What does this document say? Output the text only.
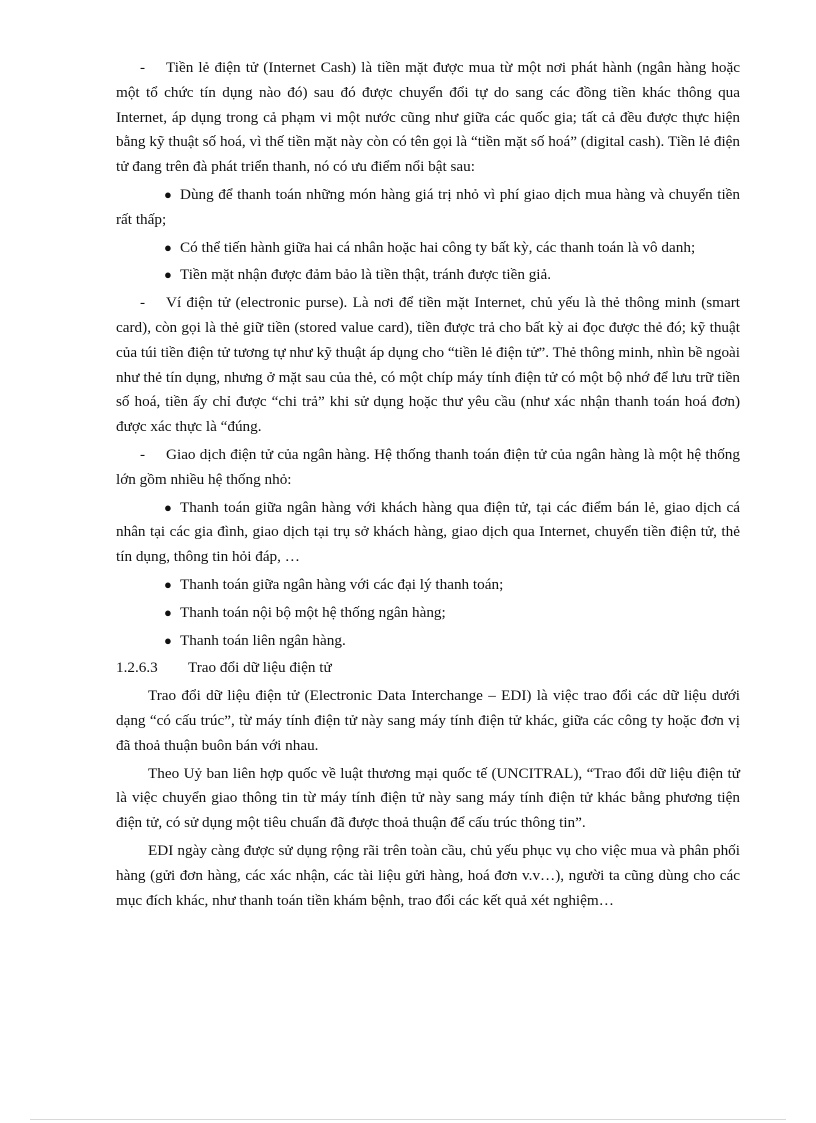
- Tiền lẻ điện tử (Internet Cash) là tiền mặt được mua từ một nơi phát hành (ngân hàng hoặc một tổ chức tín dụng nào đó) sau đó được chuyển đổi tự do sang các đồng tiền khác thông qua Internet, áp dụng trong cả phạm vi một nước cũng như giữa các quốc gia; tất cả đều được thực hiện bằng kỹ thuật số hoá, vì thế tiền mặt này còn có tên gọi là “tiền mặt số hoá” (digital cash). Tiền lẻ điện tử đang trên đà phát triển thanh, nó có ưu điểm nổi bật sau:

● Dùng để thanh toán những món hàng giá trị nhỏ vì phí giao dịch mua hàng và chuyển tiền rất thấp;

● Có thể tiến hành giữa hai cá nhân hoặc hai công ty bất kỳ, các thanh toán là vô danh;

● Tiền mặt nhận được đảm bảo là tiền thật, tránh được tiền giả.

- Ví điện tử (electronic purse). Là nơi để tiền mặt Internet, chủ yếu là thẻ thông minh (smart card), còn gọi là thẻ giữ tiền (stored value card), tiền được trả cho bất kỳ ai đọc được thẻ đó; kỹ thuật của túi tiền điện tử tương tự như kỹ thuật áp dụng cho “tiền lẻ điện tử”. Thẻ thông minh, nhìn bề ngoài như thẻ tín dụng, nhưng ở mặt sau của thẻ, có một chíp máy tính điện tử có một bộ nhớ để lưu trữ tiền số hoá, tiền ấy chỉ được “chi trả” khi sử dụng hoặc thư yêu cầu (như xác nhận thanh toán hoá đơn) được xác thực là “đúng.

- Giao dịch điện tử của ngân hàng. Hệ thống thanh toán điện tử của ngân hàng là một hệ thống lớn gồm nhiều hệ thống nhỏ:

● Thanh toán giữa ngân hàng với khách hàng qua điện tử, tại các điểm bán lẻ, giao dịch cá nhân tại các gia đình, giao dịch tại trụ sở khách hàng, giao dịch qua Internet, chuyển tiền điện tử, thẻ tín dụng, thông tin hỏi đáp, …

● Thanh toán giữa ngân hàng với các đại lý thanh toán;

● Thanh toán nội bộ một hệ thống ngân hàng;

● Thanh toán liên ngân hàng.

1.2.6.3 Trao đổi dữ liệu điện tử

Trao đổi dữ liệu điện tử (Electronic Data Interchange – EDI) là việc trao đổi các dữ liệu dưới dạng “có cấu trúc”, từ máy tính điện tử này sang máy tính điện tử khác, giữa các công ty hoặc đơn vị đã thoả thuận buôn bán với nhau.

Theo Uỷ ban liên hợp quốc về luật thương mại quốc tế (UNCITRAL), “Trao đổi dữ liệu điện tử là việc chuyển giao thông tin từ máy tính điện tử này sang máy tính điện tử khác bằng phương tiện điện tử, có sử dụng một tiêu chuẩn đã được thoả thuận để cấu trúc thông tin”.

EDI ngày càng được sử dụng rộng rãi trên toàn cầu, chủ yếu phục vụ cho việc mua và phân phối hàng (gửi đơn hàng, các xác nhận, các tài liệu gửi hàng, hoá đơn v.v…), người ta cũng dùng cho các mục đích khác, như thanh toán tiền khám bệnh, trao đổi các kết quả xét nghiệm…
